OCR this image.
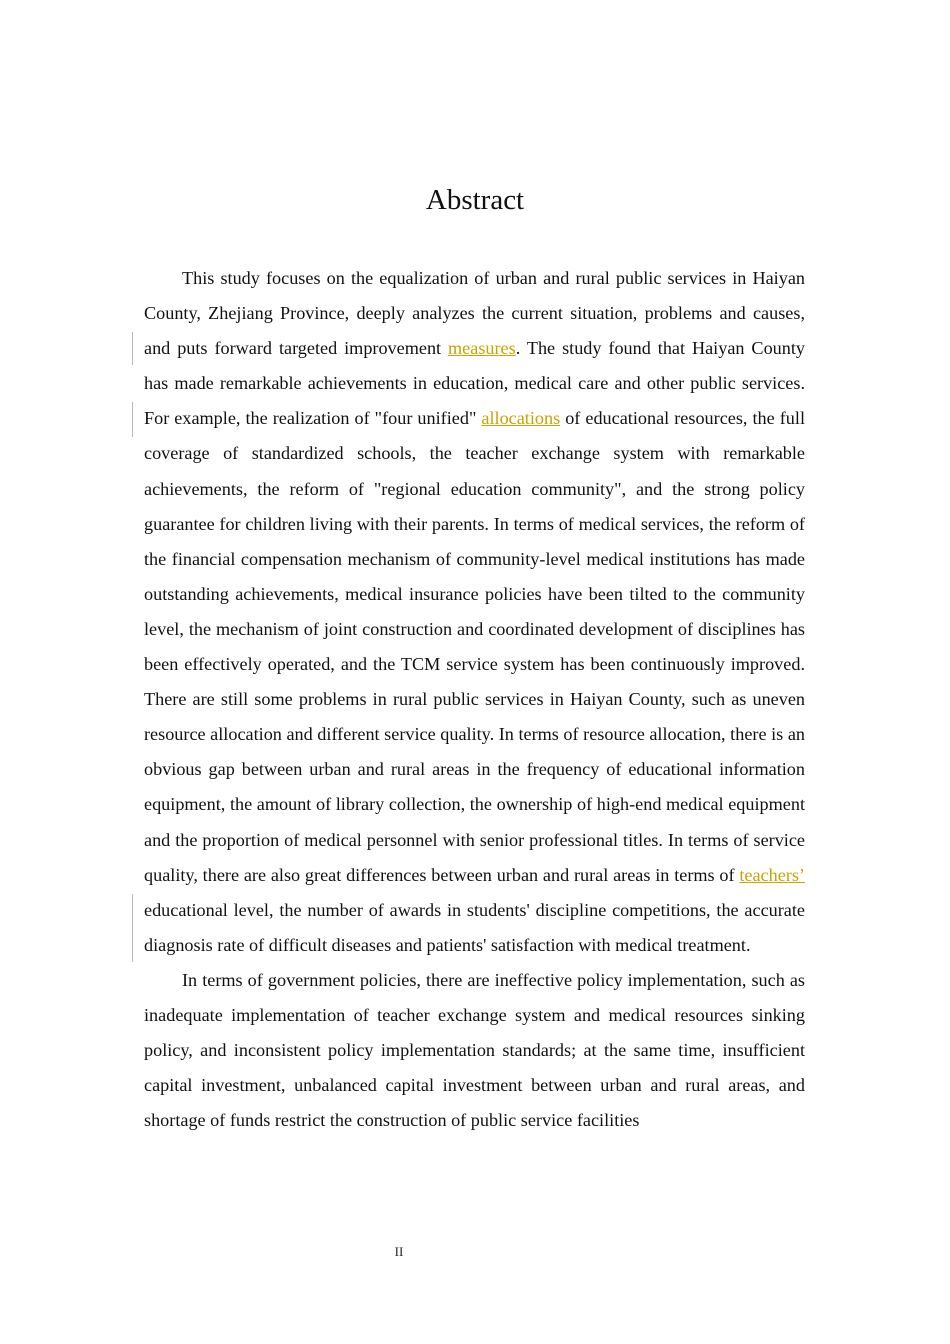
Abstract

This study focuses on the equalization of urban and rural public services in Haiyan County, Zhejiang Province, deeply analyzes the current situation, problems and causes, and puts forward targeted improvement measures. The study found that Haiyan County has made remarkable achievements in education, medical care and other public services. For example, the realization of "four unified" allocations of educational resources, the full coverage of standardized schools, the teacher exchange system with remarkable achievements, the reform of "regional education community", and the strong policy guarantee for children living with their parents. In terms of medical services, the reform of the financial compensation mechanism of community-level medical institutions has made outstanding achievements, medical insurance policies have been tilted to the community level, the mechanism of joint construction and coordinated development of disciplines has been effectively operated, and the TCM service system has been continuously improved. There are still some problems in rural public services in Haiyan County, such as uneven resource allocation and different service quality. In terms of resource allocation, there is an obvious gap between urban and rural areas in the frequency of educational information equipment, the amount of library collection, the ownership of high-end medical equipment and the proportion of medical personnel with senior professional titles. In terms of service quality, there are also great differences between urban and rural areas in terms of teachers’ educational level, the number of awards in students' discipline competitions, the accurate diagnosis rate of difficult diseases and patients' satisfaction with medical treatment.

In terms of government policies, there are ineffective policy implementation, such as inadequate implementation of teacher exchange system and medical resources sinking policy, and inconsistent policy implementation standards; at the same time, insufficient capital investment, unbalanced capital investment between urban and rural areas, and shortage of funds restrict the construction of public service facilities

II
